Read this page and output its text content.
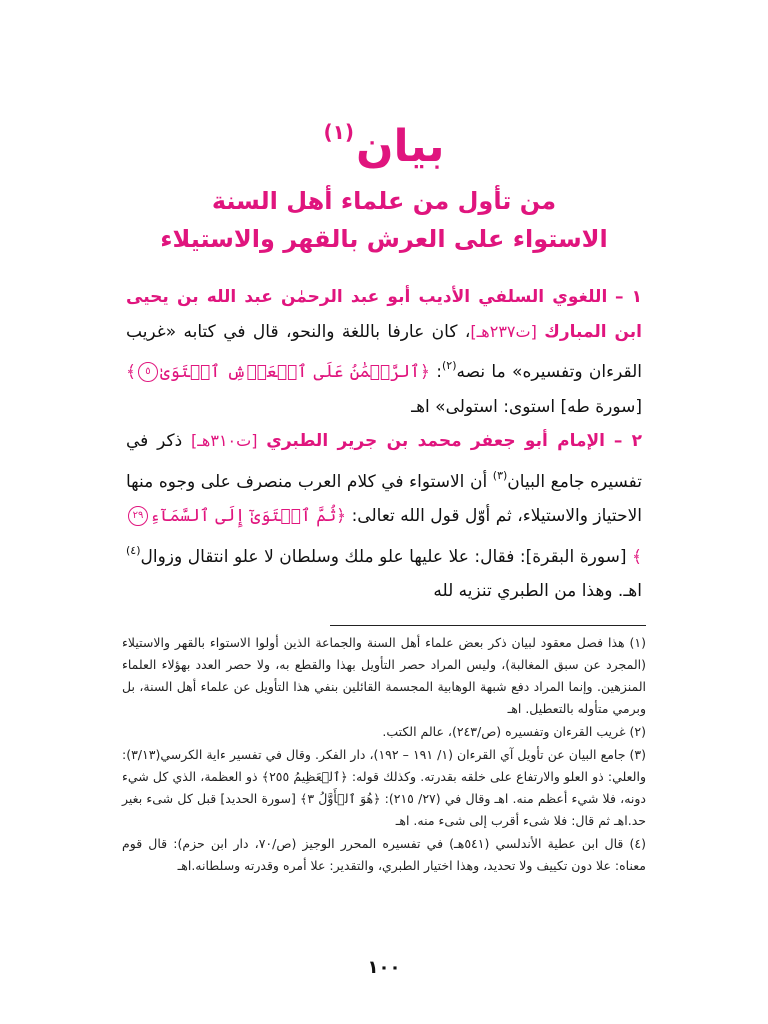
بيان$^{(١)}$
من تأول من علماء أهل السنة
الاستواء على العرش بالقهر والاستيلاء

١ – اللغوي السلفي الأديب أبو عبد الرحمٰن عبد الله بن يحيى ابن المبارك [ت٢٣٧هـ]، كان عارفا باللغة والنحو، قال في كتابه «غريب القرءان وتفسيره» ما نصه$^{(٢)}$: ﴿ٱلرَّحۡمَٰنُ عَلَى ٱلۡعَرۡشِ ٱسۡتَوَىٰ٥﴾ [سورة طه] استوى: استولى» اهـ

٢ – الإمام أبو جعفر محمد بن جرير الطبري [ت٣١٠هـ] ذكر في تفسيره جامع البيان$^{(٣)}$ أن الاستواء في كلام العرب منصرف على وجوه منها الاحتياز والاستيلاء، ثم أوّل قول الله تعالى: ﴿ثُمَّ ٱسۡتَوَىٰٓ إِلَى ٱلسَّمَآءِ٢٩﴾ [سورة البقرة]: فقال: علا عليها علو ملك وسلطان لا علو انتقال وزوال$^{(٤)}$ اهـ. وهذا من الطبري تنزيه لله

(١) هذا فصل معقود لبيان ذكر بعض علماء أهل السنة والجماعة الذين أولوا الاستواء بالقهر والاستيلاء (المجرد عن سبق المغالبة)، وليس المراد حصر التأويل بهذا والقطع به، ولا حصر العدد بهؤلاء العلماء المنزهين. وإنما المراد دفع شبهة الوهابية المجسمة القائلين بنفي هذا التأويل عن علماء أهل السنة، بل وبرمي متأوله بالتعطيل. اهـ

(٢) غريب القرءان وتفسيره (ص/٢٤٣)، عالم الكتب.

(٣) جامع البيان عن تأويل آي القرءان (١/ ١٩١ – ١٩٢)، دار الفكر. وقال في تفسير ءاية الكرسي(٣/١٣): والعلي: ذو العلو والارتفاع على خلقه بقدرته. وكذلك قوله: ﴿ٱلۡعَظِيمُ ٢٥٥﴾ ذو العظمة، الذي كل شيء دونه، فلا شيء أعظم منه. اهـ وقال في (٢٧/ ٢١٥): ﴿هُوَ ٱلۡأَوَّلُ ٣﴾ [سورة الحديد] قبل كل شىء بغير حد.اهـ ثم قال: فلا شىء أقرب إلى شىء منه. اهـ

(٤) قال ابن عطية الأندلسي (٥٤١هـ) في تفسيره المحرر الوجيز (ص/٧٠، دار ابن حزم): قال قوم معناه: علا دون تكييف ولا تحديد، وهذا اختيار الطبري، والتقدير: علا أمره وقدرته وسلطانه.اهـ

١٠٠
